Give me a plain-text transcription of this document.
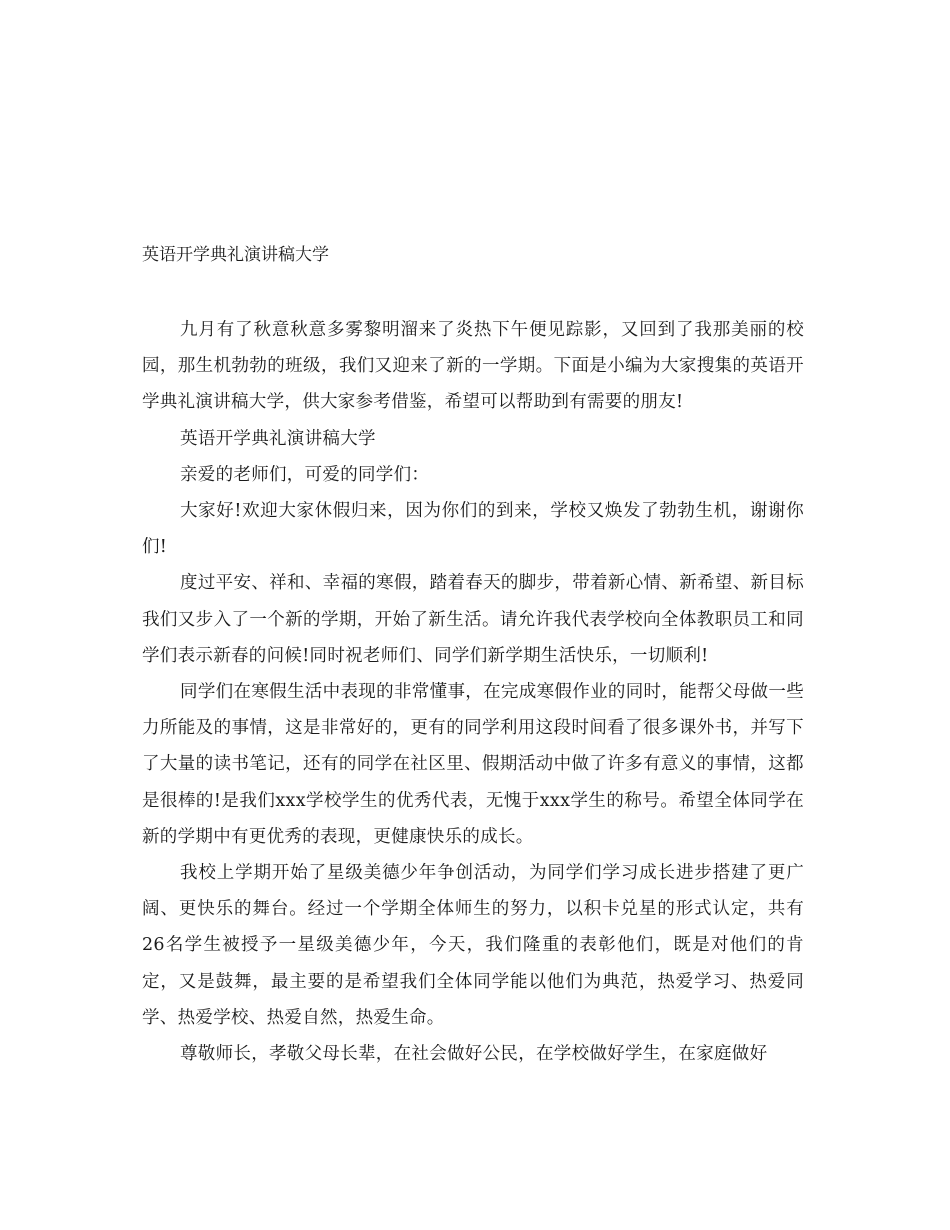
英语开学典礼演讲稿大学

九月有了秋意秋意多雾黎明溜来了炎热下午便见踪影，又回到了我那美丽的校园，那生机勃勃的班级，我们又迎来了新的一学期。下面是小编为大家搜集的英语开学典礼演讲稿大学，供大家参考借鉴，希望可以帮助到有需要的朋友!

英语开学典礼演讲稿大学

亲爱的老师们，可爱的同学们：

大家好!欢迎大家休假归来，因为你们的到来，学校又焕发了勃勃生机，谢谢你们!

度过平安、祥和、幸福的寒假，踏着春天的脚步，带着新心情、新希望、新目标我们又步入了一个新的学期，开始了新生活。请允许我代表学校向全体教职员工和同学们表示新春的问候!同时祝老师们、同学们新学期生活快乐，一切顺利!

同学们在寒假生活中表现的非常懂事，在完成寒假作业的同时，能帮父母做一些力所能及的事情，这是非常好的，更有的同学利用这段时间看了很多课外书，并写下了大量的读书笔记，还有的同学在社区里、假期活动中做了许多有意义的事情，这都是很棒的!是我们xxx学校学生的优秀代表，无愧于xxx学生的称号。希望全体同学在新的学期中有更优秀的表现，更健康快乐的成长。

我校上学期开始了星级美德少年争创活动，为同学们学习成长进步搭建了更广阔、更快乐的舞台。经过一个学期全体师生的努力，以积卡兑星的形式认定，共有26名学生被授予一星级美德少年，今天，我们隆重的表彰他们，既是对他们的肯定，又是鼓舞，最主要的是希望我们全体同学能以他们为典范，热爱学习、热爱同学、热爱学校、热爱自然，热爱生命。

尊敬师长，孝敬父母长辈，在社会做好公民，在学校做好学生，在家庭做好
